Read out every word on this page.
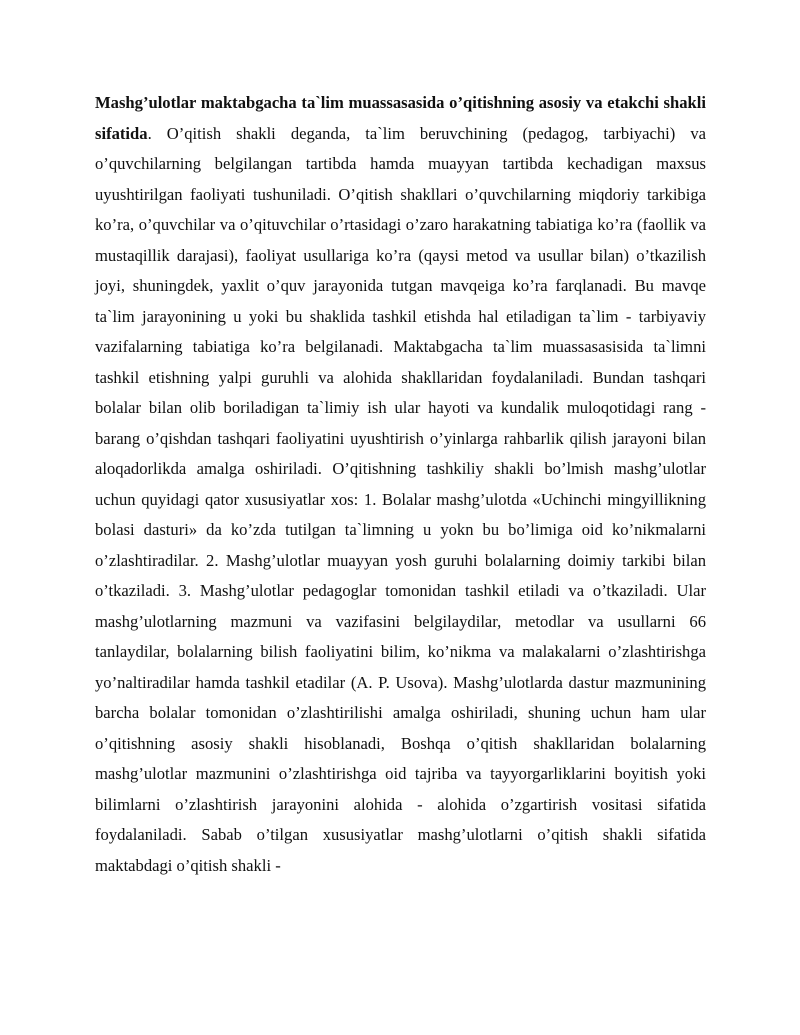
Mashg’ulotlar maktabgacha ta`lim muassasasida o’qitishning asosiy va etakchi shakli sifatida. O’qitish shakli deganda, ta`lim beruvchining (pedagog, tarbiyachi) va o’quvchilarning belgilangan tartibda hamda muayyan tartibda kechadigan maxsus uyushtirilgan faoliyati tushuniladi. O’qitish shakllari o’quvchilarning miqdoriy tarkibiga ko’ra, o’quvchilar va o’qituvchilar o’rtasidagi o’zaro harakatning tabiatiga ko’ra (faollik va mustaqillik darajasi), faoliyat usullariga ko’ra (qaysi metod va usullar bilan) o’tkazilish joyi, shuningdek, yaxlit o’quv jarayonida tutgan mavqeiga ko’ra farqlanadi. Bu mavqe ta`lim jarayonining u yoki bu shaklida tashkil etishda hal etiladigan ta`lim - tarbiyaviy vazifalarning tabiatiga ko’ra belgilanadi. Maktabgacha ta`lim muassasasisida ta`limni tashkil etishning yalpi guruhli va alohida shakllaridan foydalaniladi. Bundan tashqari bolalar bilan olib boriladigan ta`limiy ish ular hayoti va kundalik muloqotidagi rang - barang o’qishdan tashqari faoliyatini uyushtirish o’yinlarga rahbarlik qilish jarayoni bilan aloqadorlikda amalga oshiriladi. O’qitishning tashkiliy shakli bo’lmish mashg’ulotlar uchun quyidagi qator xususiyatlar xos: 1. Bolalar mashg’ulotda «Uchinchi mingyillikning bolasi dasturi» da ko’zda tutilgan ta`limning u yokn bu bo’limiga oid ko’nikmalarni o’zlashtiradilar. 2. Mashg’ulotlar muayyan yosh guruhi bolalarning doimiy tarkibi bilan o’tkaziladi. 3. Mashg’ulotlar pedagoglar tomonidan tashkil etiladi va o’tkaziladi. Ular mashg’ulotlarning mazmuni va vazifasini belgilaydilar, metodlar va usullarni 66 tanlaydilar, bolalarning bilish faoliyatini bilim, ko’nikma va malakalarni o’zlashtirishga yo’naltiradilar hamda tashkil etadilar (A. P. Usova). Mashg’ulotlarda dastur mazmunining barcha bolalar tomonidan o’zlashtirilishi amalga oshiriladi, shuning uchun ham ular o’qitishning asosiy shakli hisoblanadi, Boshqa o’qitish shakllaridan bolalarning mashg’ulotlar mazmunini o’zlashtirishga oid tajriba va tayyorgarliklarini boyitish yoki bilimlarni o’zlashtirish jarayonini alohida - alohida o’zgartirish vositasi sifatida foydalaniladi. Sabab o’tilgan xususiyatlar mashg’ulotlarni o’qitish shakli sifatida maktabdagi o’qitish shakli -
